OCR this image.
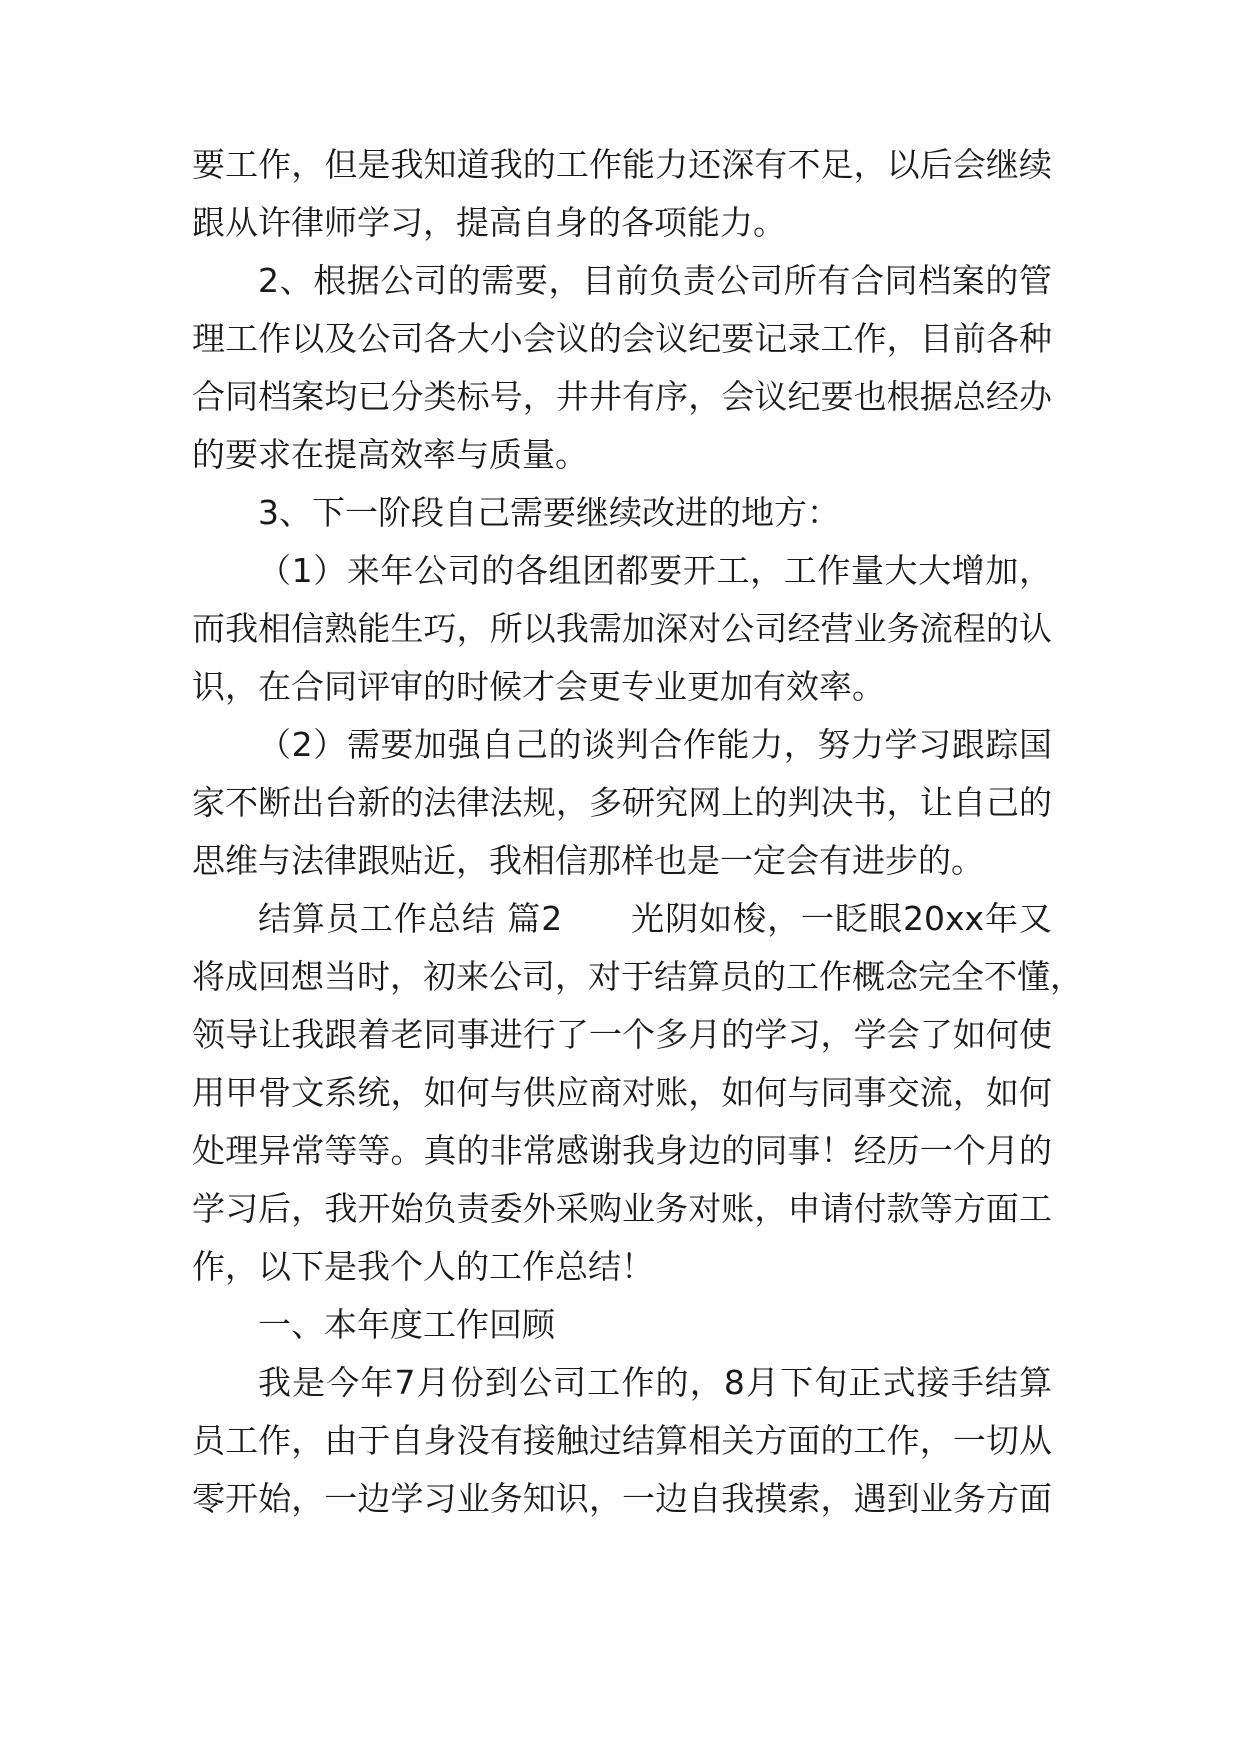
要工作，但是我知道我的工作能力还深有不足，以后会继续
跟从许律师学习，提高自身的各项能力。
2、根据公司的需要，目前负责公司所有合同档案的管
理工作以及公司各大小会议的会议纪要记录工作，目前各种
合同档案均已分类标号，井井有序，会议纪要也根据总经办
的要求在提高效率与质量。
3、下一阶段自己需要继续改进的地方：
（1）来年公司的各组团都要开工，工作量大大增加，
而我相信熟能生巧，所以我需加深对公司经营业务流程的认
识，在合同评审的时候才会更专业更加有效率。
（2）需要加强自己的谈判合作能力，努力学习跟踪国
家不断出台新的法律法规，多研究网上的判决书，让自己的
思维与法律跟贴近，我相信那样也是一定会有进步的。
结算员工作总结 篇2　　光阴如梭，一眨眼20xx年又
将成回想当时，初来公司，对于结算员的工作概念完全不懂，
领导让我跟着老同事进行了一个多月的学习，学会了如何使
用甲骨文系统，如何与供应商对账，如何与同事交流，如何
处理异常等等。真的非常感谢我身边的同事！经历一个月的
学习后，我开始负责委外采购业务对账，申请付款等方面工
作，以下是我个人的工作总结！
一、本年度工作回顾
我是今年7月份到公司工作的，8月下旬正式接手结算
员工作，由于自身没有接触过结算相关方面的工作，一切从
零开始，一边学习业务知识，一边自我摸索，遇到业务方面
